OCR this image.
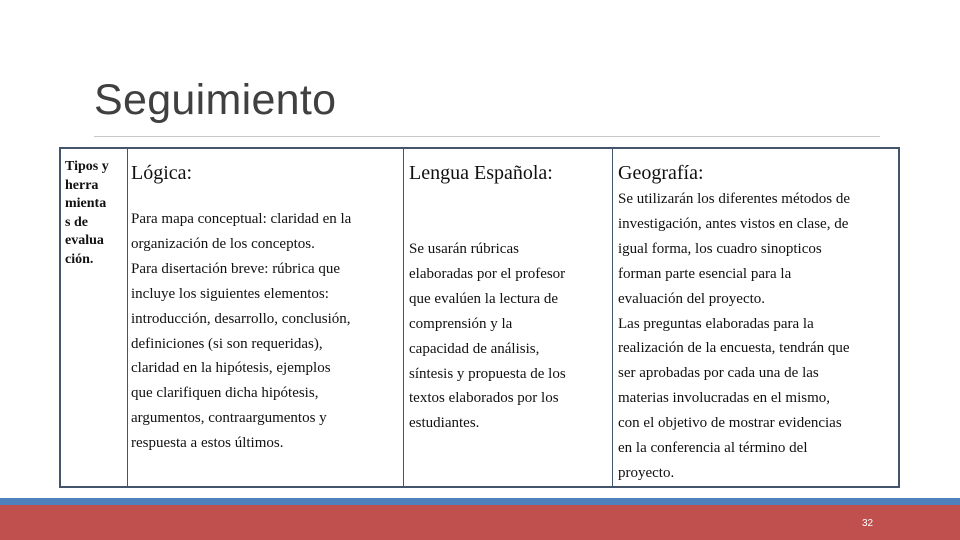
Seguimiento

Tipos y

herra

mienta

s de

evalua

ción.

Lógica:	Lengua Española:	Geografía:

Para mapa conceptual: claridad en la

organización de los conceptos.

Para disertación breve: rúbrica que

incluye los siguientes elementos:

introducción, desarrollo, conclusión,

definiciones (si son requeridas),

claridad en la hipótesis, ejemplos

que clarifiquen dicha hipótesis,

argumentos, contraargumentos y

respuesta a estos últimos.

Se usarán rúbricas

elaboradas por el profesor

que evalúen la lectura de

comprensión y la

capacidad de análisis,

síntesis y propuesta de los

textos elaborados por los

estudiantes.

Se utilizarán los diferentes métodos de

investigación, antes vistos en clase, de

igual forma, los cuadro sinopticos

forman parte esencial para la

evaluación del proyecto.

Las preguntas elaboradas para la

realización de la encuesta, tendrán que

ser aprobadas por cada una de las

materias involucradas en el mismo,

con el objetivo de mostrar evidencias

en la conferencia al término del

proyecto.

32
